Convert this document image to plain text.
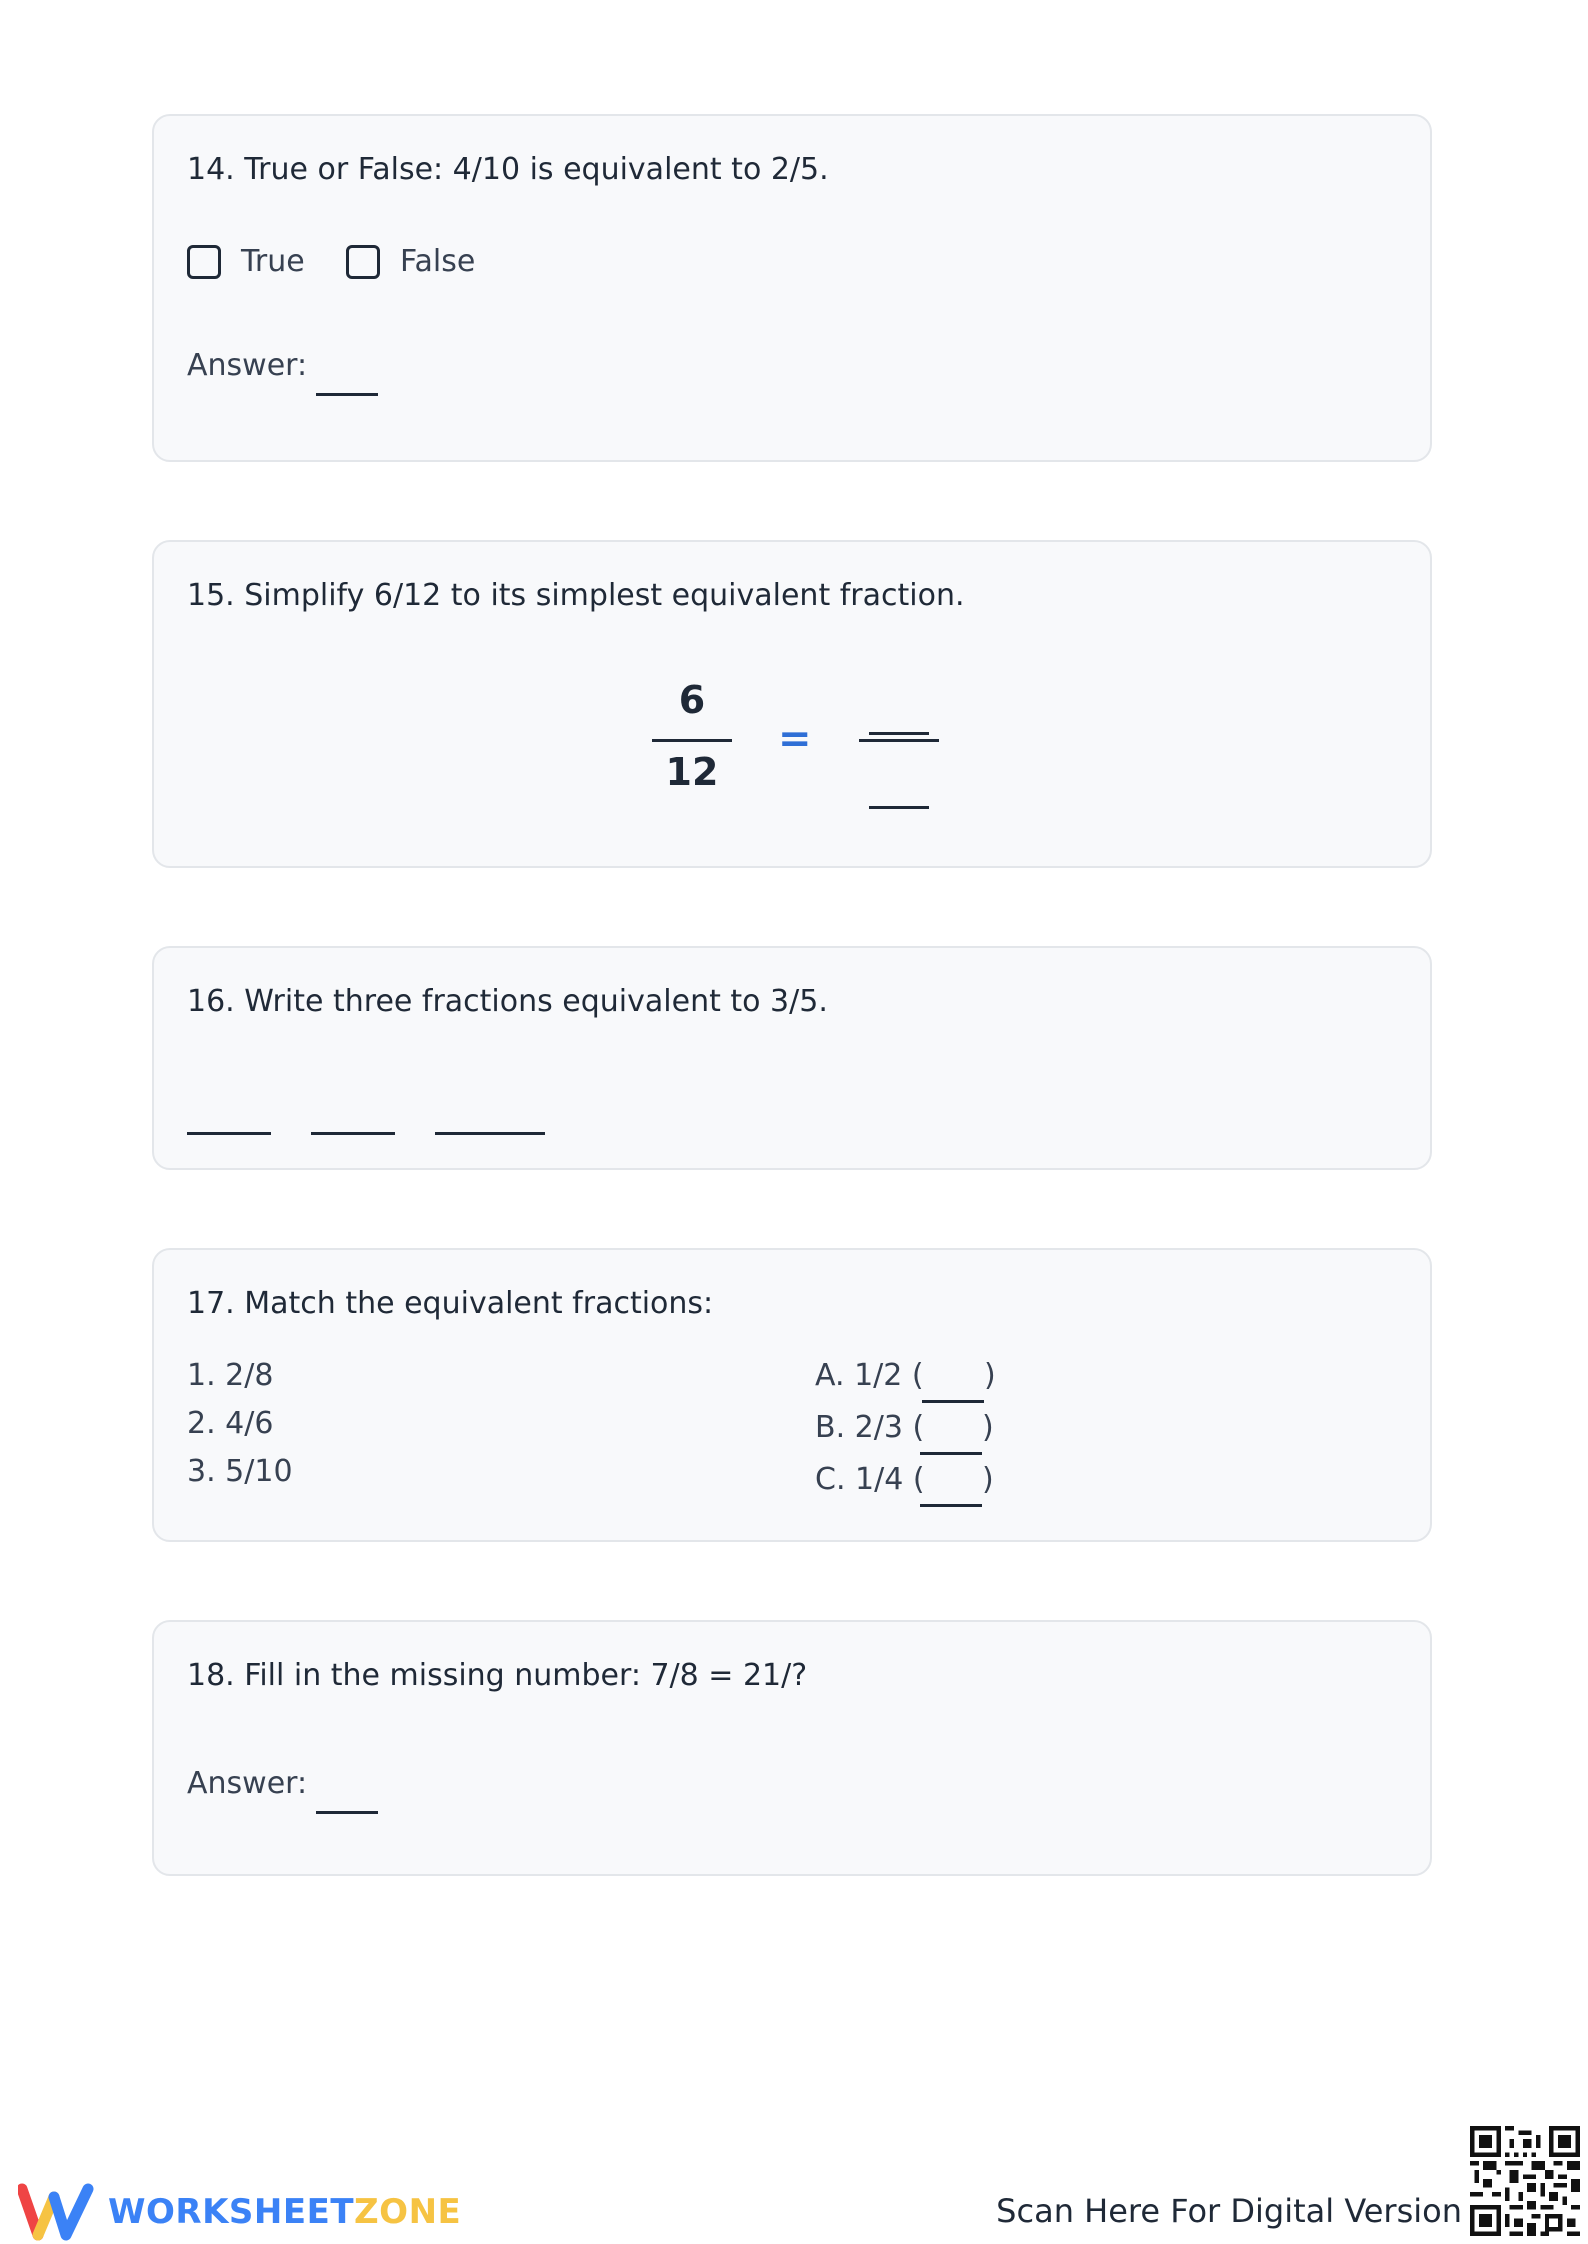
14. True or False: 4/10 is equivalent to 2/5.
True	False
Answer:
15. Simplify 6/12 to its simplest equivalent fraction.
6
12
=
16. Write three fractions equivalent to 3/5.
17. Match the equivalent fractions:
1. 2/8
2. 4/6
3. 5/10
A. 1/2 ( )
B. 2/3 ( )
C. 1/4 ( )
18. Fill in the missing number: 7/8 = 21/?
Answer:
WORKSHEETZONE	Scan Here For Digital Version
